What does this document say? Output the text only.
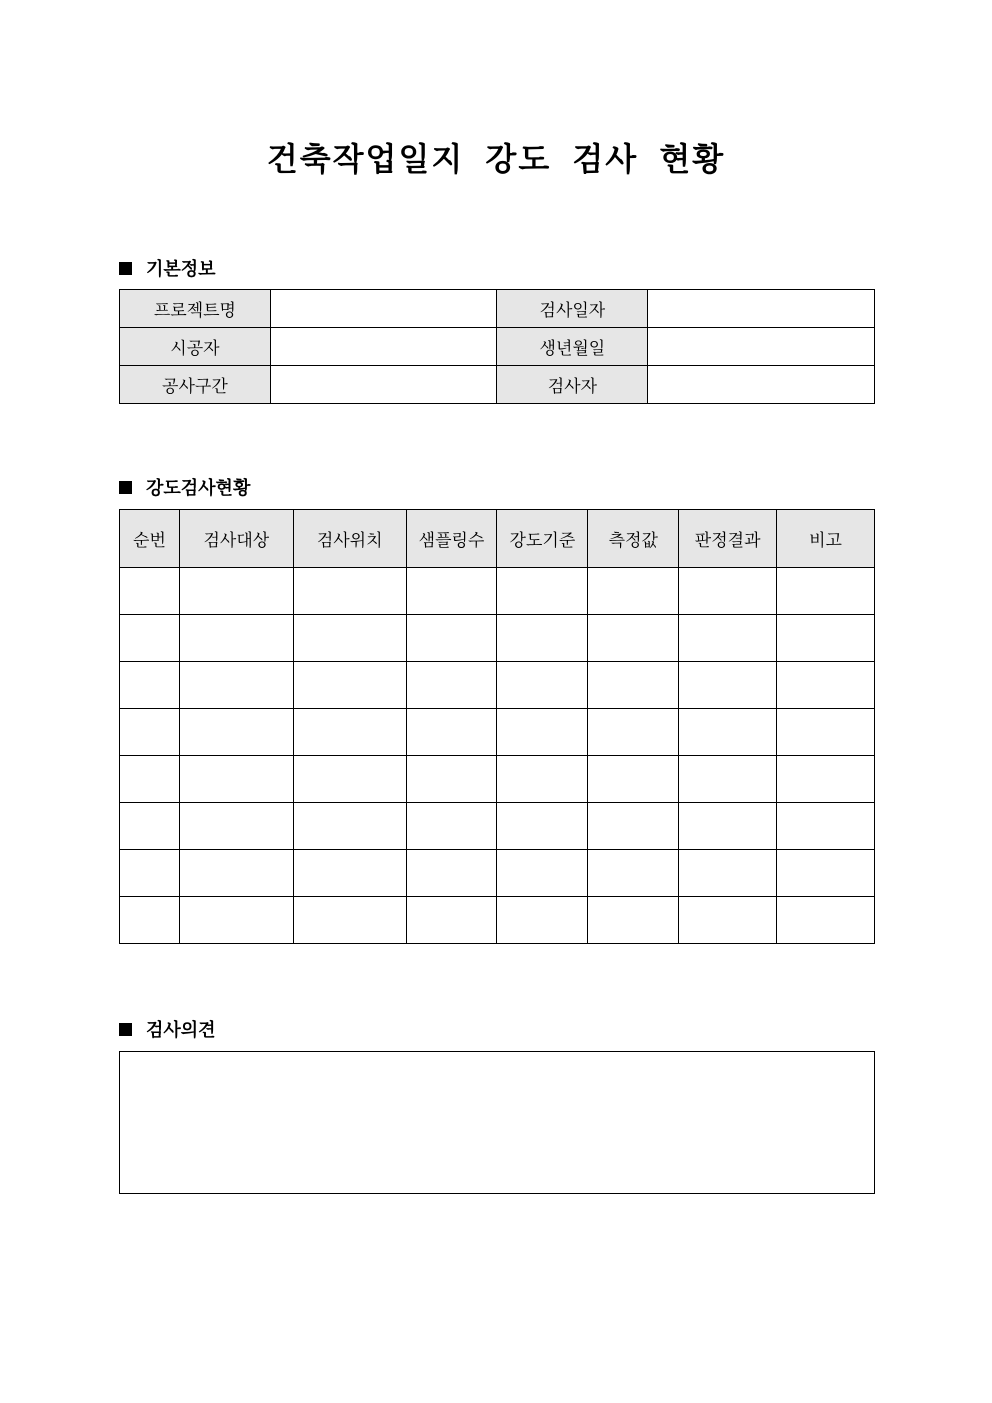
건축작업일지 강도 검사 현황
기본정보
프로젝트명		검사일자	
시공자		생년월일	
공사구간		검사자	
강도검사현황
순번	검사대상	검사위치	샘플링수	강도기준	측정값	판정결과	비고

검사의견
